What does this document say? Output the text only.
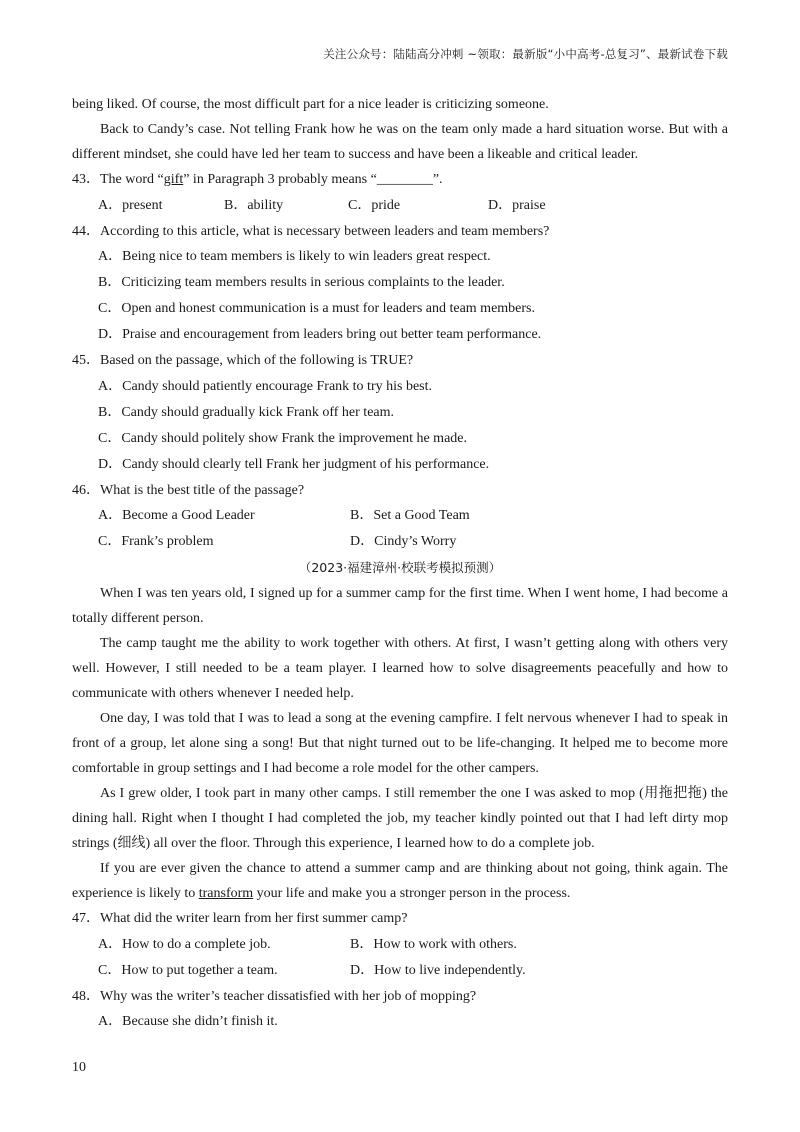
关注公众号：陆陆高分冲刺 ~领取：最新版“小中高考-总复习”、最新试卷下载

being liked. Of course, the most difficult part for a nice leader is criticizing someone.

Back to Candy’s case. Not telling Frank how he was on the team only made a hard situation worse. But with a different mindset, she could have led her team to success and have been a likeable and critical leader.

43．The word “gift” in Paragraph 3 probably means “________”.

A．present	B．ability	C．pride	D．praise

44．According to this article, what is necessary between leaders and team members?

A．Being nice to team members is likely to win leaders great respect.

B．Criticizing team members results in serious complaints to the leader.

C．Open and honest communication is a must for leaders and team members.

D．Praise and encouragement from leaders bring out better team performance.

45．Based on the passage, which of the following is TRUE?

A．Candy should patiently encourage Frank to try his best.

B．Candy should gradually kick Frank off her team.

C．Candy should politely show Frank the improvement he made.

D．Candy should clearly tell Frank her judgment of his performance.

46．What is the best title of the passage?

A．Become a Good Leader	B．Set a Good Team
C．Frank’s problem	D．Cindy’s Worry

（2023·福建漳州·校联考模拟预测）

When I was ten years old, I signed up for a summer camp for the first time. When I went home, I had become a totally different person.

The camp taught me the ability to work together with others. At first, I wasn’t getting along with others very well. However, I still needed to be a team player. I learned how to solve disagreements peacefully and how to communicate with others whenever I needed help.

One day, I was told that I was to lead a song at the evening campfire. I felt nervous whenever I had to speak in front of a group, let alone sing a song! But that night turned out to be life-changing. It helped me to become more comfortable in group settings and I had become a role model for the other campers.

As I grew older, I took part in many other camps. I still remember the one I was asked to mop (用拖把拖) the dining hall. Right when I thought I had completed the job, my teacher kindly pointed out that I had left dirty mop strings (细线) all over the floor. Through this experience, I learned how to do a complete job.

If you are ever given the chance to attend a summer camp and are thinking about not going, think again. The experience is likely to transform your life and make you a stronger person in the process.

47．What did the writer learn from her first summer camp?

A．How to do a complete job.	B．How to work with others.
C．How to put together a team.	D．How to live independently.

48．Why was the writer’s teacher dissatisfied with her job of mopping?

A．Because she didn’t finish it.

10
